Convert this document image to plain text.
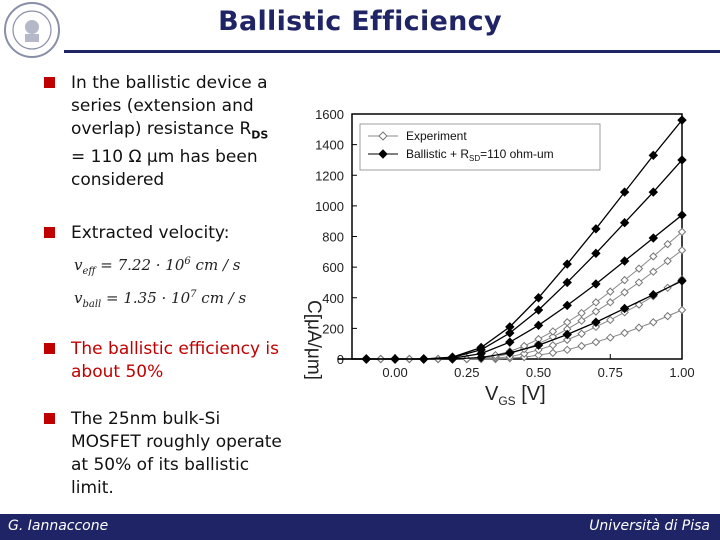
Ballistic Efficiency
In the ballistic device a series (extension and overlap) resistance $R_{DS} = 110$ Ω μm has been considered
Extracted velocity:
$v_{eff} = 7.22 \cdot 10^6$ cm / s
$v_{ball} = 1.35 \cdot 10^7$ cm / s
The ballistic efficiency is about 50%
The 25nm bulk-Si MOSFET roughly operate at 50% of its ballistic limit.
0
200
400
600
800
1000
1200
1400
1600
0.00	0.25	0.50	0.75	1.00
Experiment
Ballistic + $R_{SD}=110$ ohm-um
C[μA/μm]
$V_{GS}$ [V]
G. Iannaccone	Università di Pisa
